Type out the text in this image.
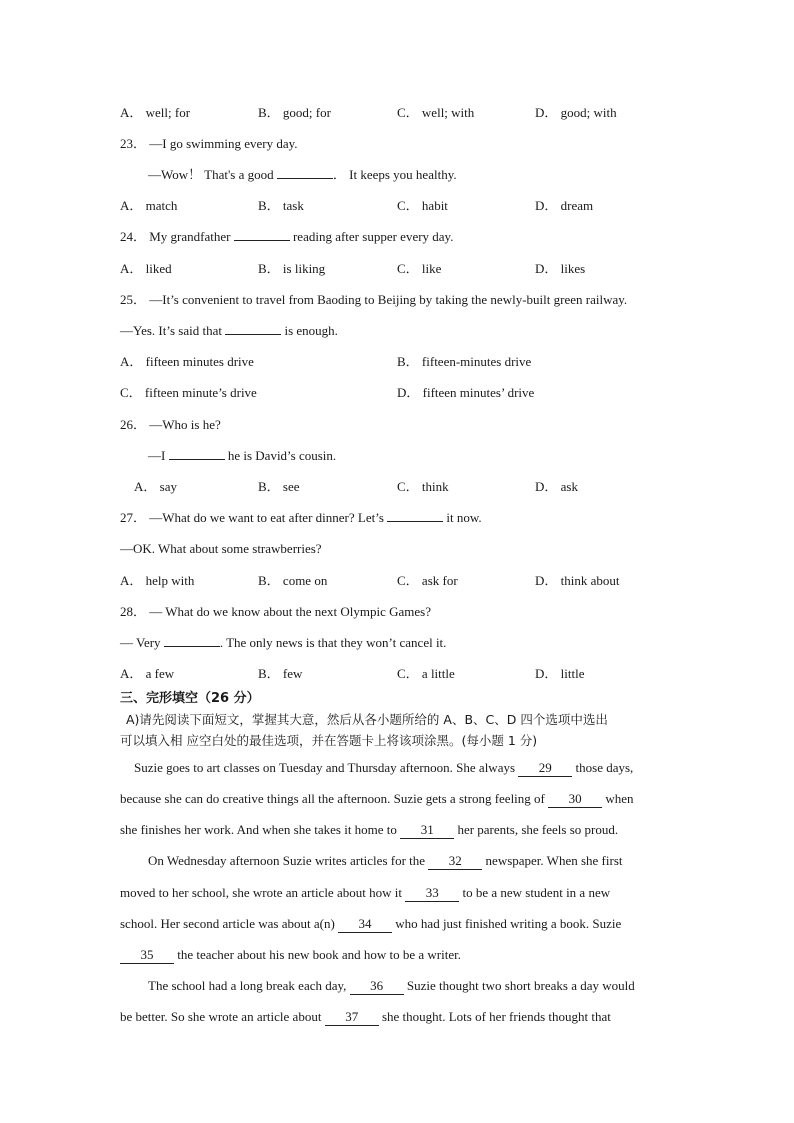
A． well; for	B． good; for	C． well; with	D． good; with
23． —I go swimming every day.
—Wow！ That's a good	． It keeps you healthy.
A． match	B． task	C． habit	D． dream
24． My grandfather	reading after supper every day.
A． liked	B． is liking	C． like	D． likes
25． —It’s convenient to travel from Baoding to Beijing by taking the newly-built green railway.
—Yes. It’s said that	is enough.
A． fifteen minutes drive	B． fifteen-minutes drive
C． fifteen minute’s drive	D． fifteen minutes’ drive
26． —Who is he?
—I	he is David’s cousin.
A． say	B． see	C． think	D． ask
27． —What do we want to eat after dinner? Let’s	it now.
—OK. What about some strawberries?
A． help with	B． come on	C． ask for	D． think about
28． — What do we know about the next Olympic Games?
— Very	. The only news is that they won’t cancel it.
A． a few	B． few	C． a little	D． little
三、完形填空（26 分）
A)请先阅读下面短文，掌握其大意，然后从各小题所给的 A、B、C、D 四个选项中选出
可以填入相 应空白处的最佳选项，并在答题卡上将该项涂黑。(每小题 1 分)
Suzie goes to art classes on Tuesday and Thursday afternoon. She always 29 those days,
because she can do creative things all the afternoon. Suzie gets a strong feeling of 30 when
she finishes her work. And when she takes it home to 31 her parents, she feels so proud.
On Wednesday afternoon Suzie writes articles for the 32 newspaper. When she first
moved to her school, she wrote an article about how it 33 to be a new student in a new
school. Her second article was about a(n) 34 who had just finished writing a book. Suzie
35 the teacher about his new book and how to be a writer.
The school had a long break each day, 36 Suzie thought two short breaks a day would
be better. So she wrote an article about 37 she thought. Lots of her friends thought that
